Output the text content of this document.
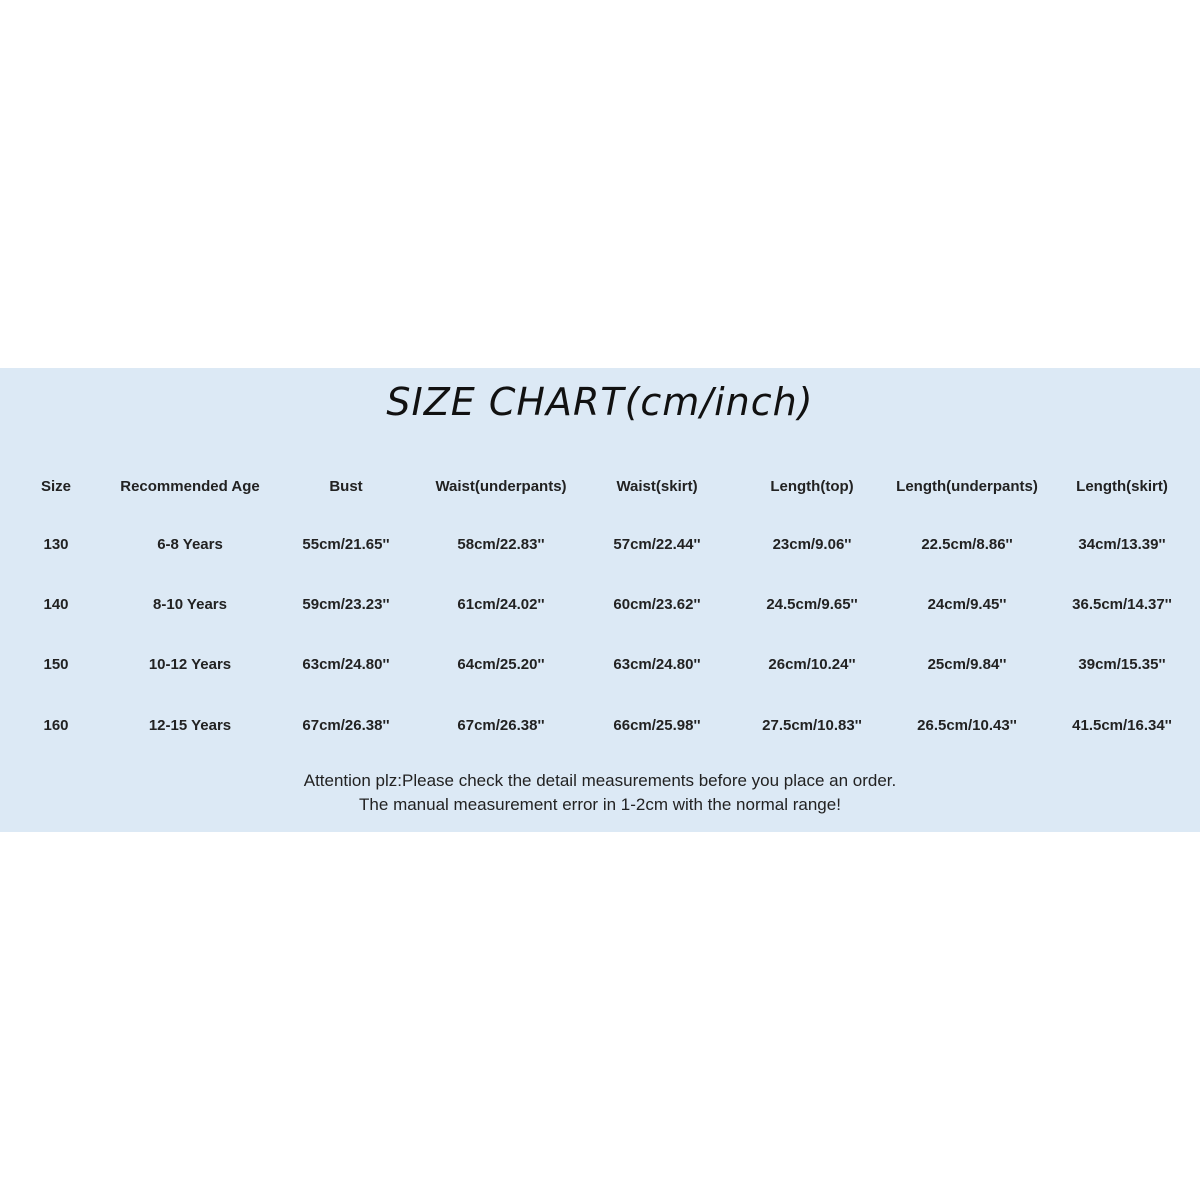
SIZE CHART(cm/inch)
Size	Recommended Age	Bust	Waist(underpants)	Waist(skirt)	Length(top)	Length(underpants)	Length(skirt)
130	6-8 Years	55cm/21.65''	58cm/22.83''	57cm/22.44''	23cm/9.06''	22.5cm/8.86''	34cm/13.39''
140	8-10 Years	59cm/23.23''	61cm/24.02''	60cm/23.62''	24.5cm/9.65''	24cm/9.45''	36.5cm/14.37''
150	10-12 Years	63cm/24.80''	64cm/25.20''	63cm/24.80''	26cm/10.24''	25cm/9.84''	39cm/15.35''
160	12-15 Years	67cm/26.38''	67cm/26.38''	66cm/25.98''	27.5cm/10.83''	26.5cm/10.43''	41.5cm/16.34''
Attention plz:Please check the detail measurements before you place an order.
The manual measurement error in 1-2cm with the normal range!
